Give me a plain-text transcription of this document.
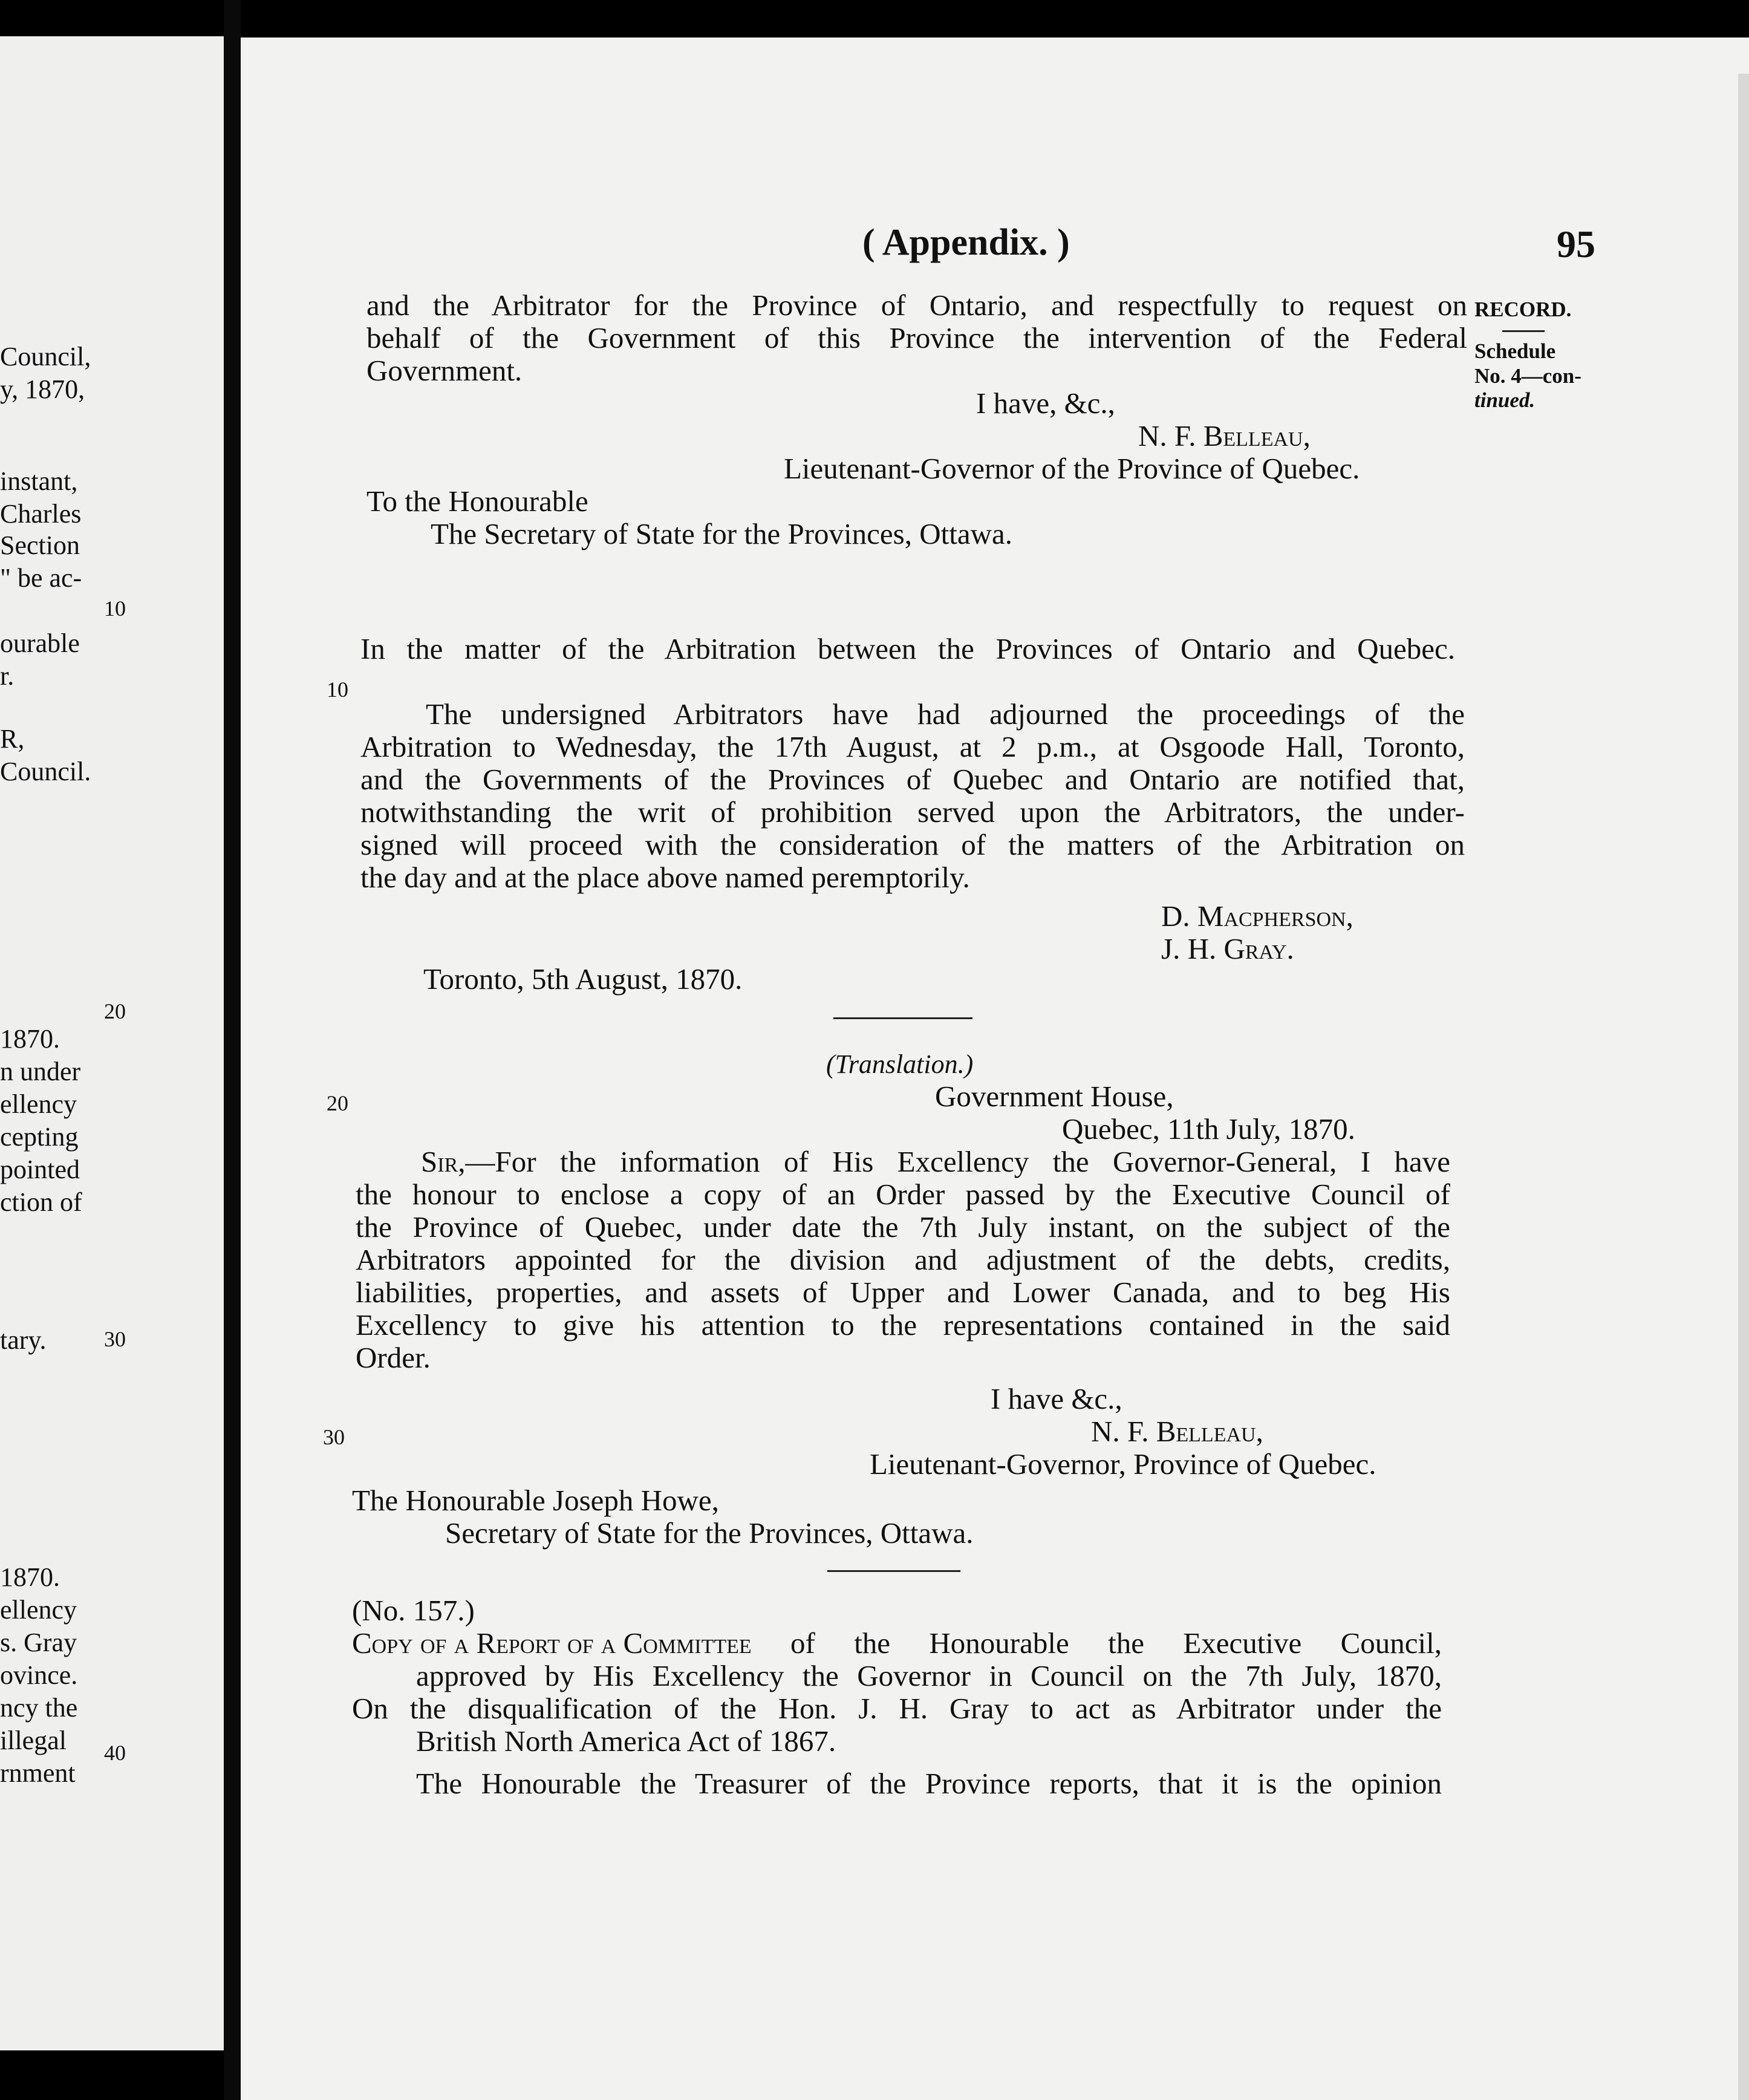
Council,
y, 1870,
instant,
Charles
Section
" be ac-
ourable
r.
R,
Council.
1870.
n under
ellency
cepting
pointed
ction of
tary.
1870.
ellency
s. Gray
ovince.
ncy the
illegal
rnment
10
20
30
40
( Appendix. )	95
RECORD.
Schedule
No. 4—con-
tinued.
and the Arbitrator for the Province of Ontario, and respectfully to request on
behalf of the Government of this Province the intervention of the Federal
Government.
I have, &c.,
N. F. Belleau,
Lieutenant-Governor of the Province of Quebec.
To the Honourable
The Secretary of State for the Provinces, Ottawa.
In the matter of the Arbitration between the Provinces of Ontario and Quebec.
10
The undersigned Arbitrators have had adjourned the proceedings of the
Arbitration to Wednesday, the 17th August, at 2 p.m., at Osgoode Hall, Toronto,
and the Governments of the Provinces of Quebec and Ontario are notified that,
notwithstanding the writ of prohibition served upon the Arbitrators, the under-
signed will proceed with the consideration of the matters of the Arbitration on
the day and at the place above named peremptorily.
D. Macpherson,
J. H. Gray.
Toronto, 5th August, 1870.
(Translation.)
20	Government House,
Quebec, 11th July, 1870.
Sir, —For the information of His Excellency the Governor-General, I have
the honour to enclose a copy of an Order passed by the Executive Council of
the Province of Quebec, under date the 7th July instant, on the subject of the
Arbitrators appointed for the division and adjustment of the debts, credits,
liabilities, properties, and assets of Upper and Lower Canada, and to beg His
Excellency to give his attention to the representations contained in the said
Order.
I have &c.,
30	N. F. Belleau,
Lieutenant-Governor, Province of Quebec.
The Honourable Joseph Howe,
Secretary of State for the Provinces, Ottawa.
(No. 157.)
Copy of a Report of a Committee of the Honourable the Executive Council,
approved by His Excellency the Governor in Council on the 7th July, 1870,
On the disqualification of the Hon. J. H. Gray to act as Arbitrator under the
British North America Act of 1867.
The Honourable the Treasurer of the Province reports, that it is the opinion
